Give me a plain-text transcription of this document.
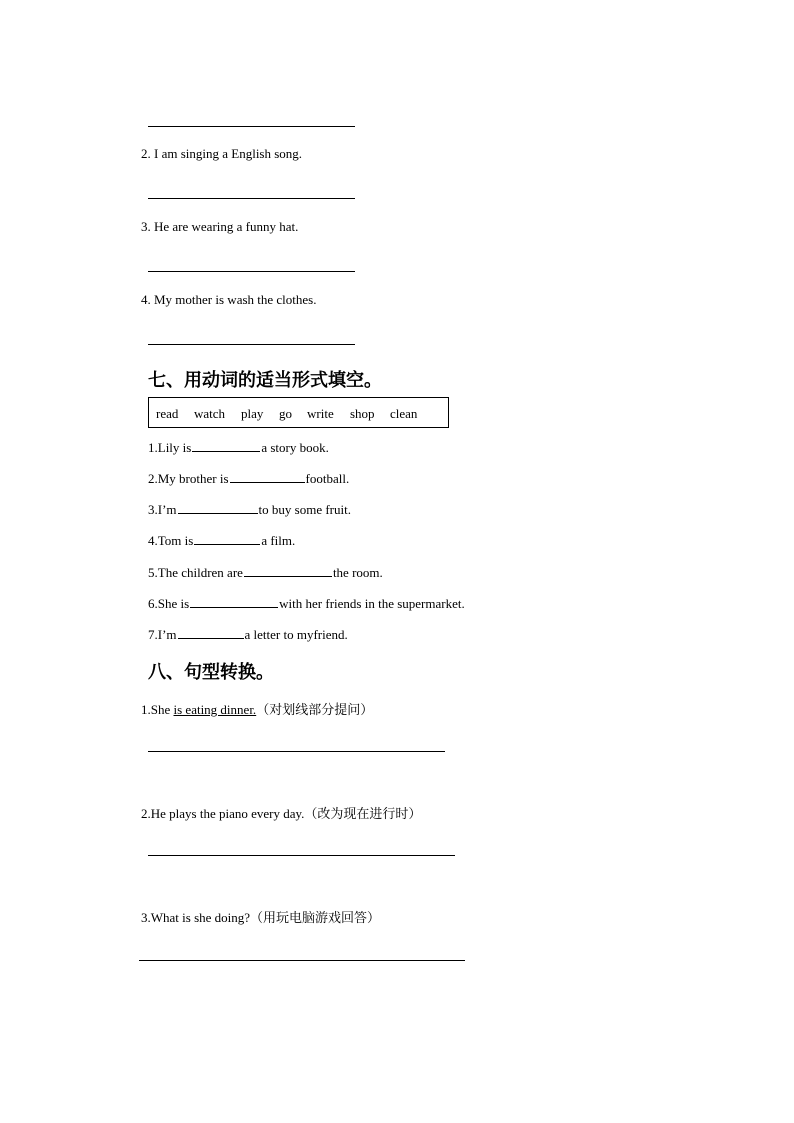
2. I am singing a English song.
3. He are wearing a funny hat.
4. My mother is wash the clothes.
七、用动词的适当形式填空。
read watch play go write shop clean
1.Lily is	a story book.
2.My brother is	football.
3.I’m	to buy some fruit.
4.Tom is	a film.
5.The children are	the room.
6.She is	with her friends in the supermarket.
7.I’m	a letter to myfriend.
八、句型转换。
1.She is eating dinner.（对划线部分提问）
2.He plays the piano every day.（改为现在进行时）
3.What is she doing?（用玩电脑游戏回答）
